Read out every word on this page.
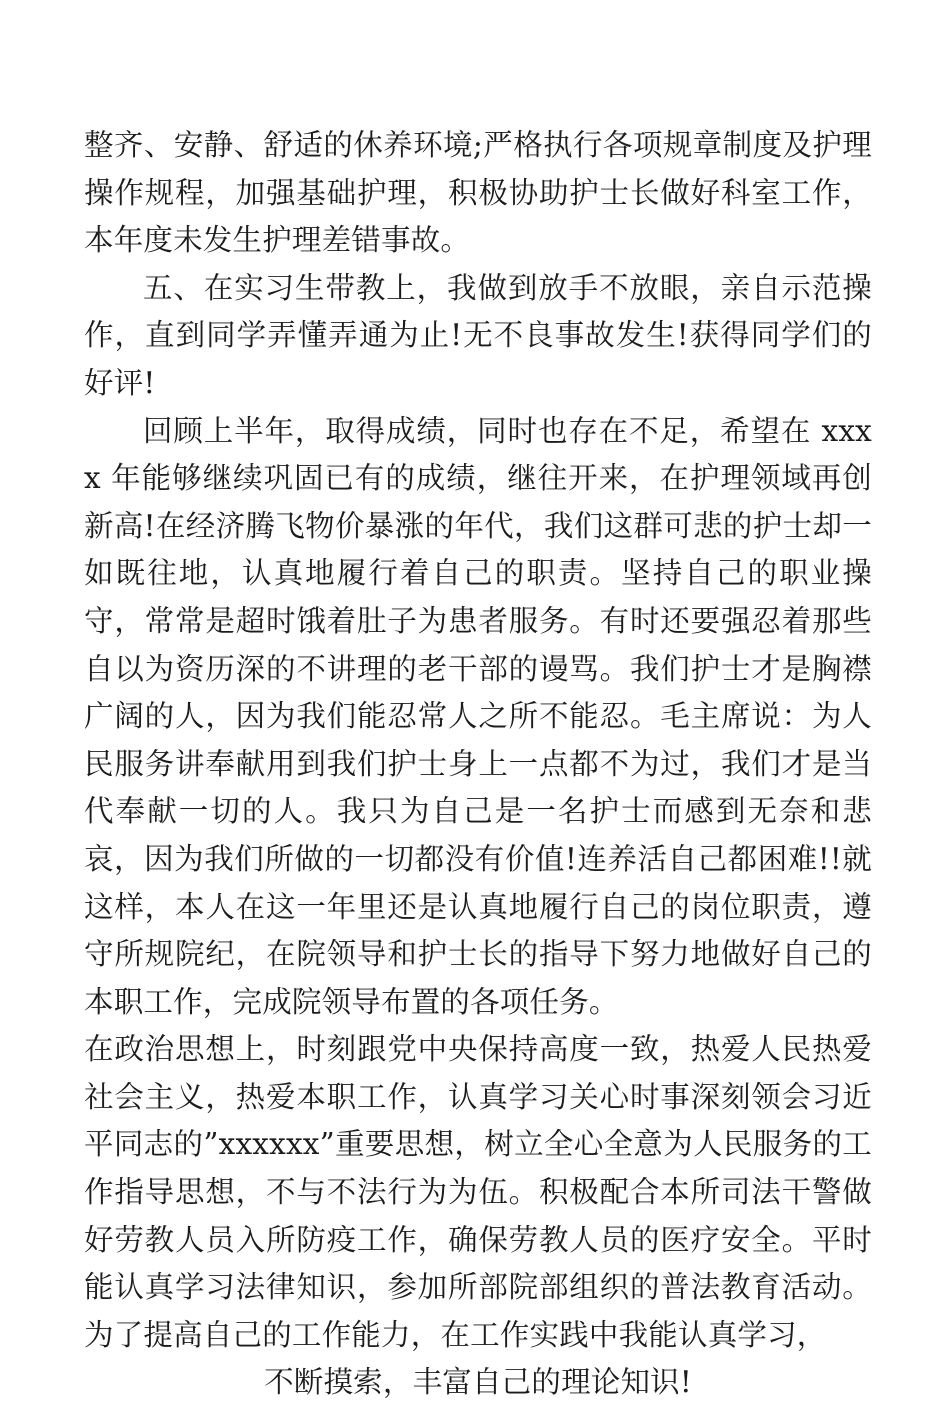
整齐、安静、舒适的休养环境;严格执行各项规章制度及护理操作规程，加强基础护理，积极协助护士长做好科室工作，本年度未发生护理差错事故。

五、在实习生带教上，我做到放手不放眼，亲自示范操作，直到同学弄懂弄通为止!无不良事故发生!获得同学们的好评!

回顾上半年，取得成绩，同时也存在不足，希望在 xxxx 年能够继续巩固已有的成绩，继往开来，在护理领域再创新高!在经济腾飞物价暴涨的年代，我们这群可悲的护士却一如既往地，认真地履行着自己的职责。坚持自己的职业操守，常常是超时饿着肚子为患者服务。有时还要强忍着那些自以为资历深的不讲理的老干部的谩骂。我们护士才是胸襟广阔的人，因为我们能忍常人之所不能忍。毛主席说：为人民服务讲奉献用到我们护士身上一点都不为过，我们才是当代奉献一切的人。我只为自己是一名护士而感到无奈和悲哀，因为我们所做的一切都没有价值!连养活自己都困难!!就这样，本人在这一年里还是认真地履行自己的岗位职责，遵守所规院纪，在院领导和护士长的指导下努力地做好自己的本职工作，完成院领导布置的各项任务。

在政治思想上，时刻跟党中央保持高度一致，热爱人民热爱社会主义，热爱本职工作，认真学习关心时事深刻领会习近平同志的”xxxxxx”重要思想，树立全心全意为人民服务的工作指导思想，不与不法行为为伍。积极配合本所司法干警做好劳教人员入所防疫工作，确保劳教人员的医疗安全。平时能认真学习法律知识，参加所部院部组织的普法教育活动。为了提高自己的工作能力，在工作实践中我能认真学习，

不断摸索，丰富自己的理论知识!
